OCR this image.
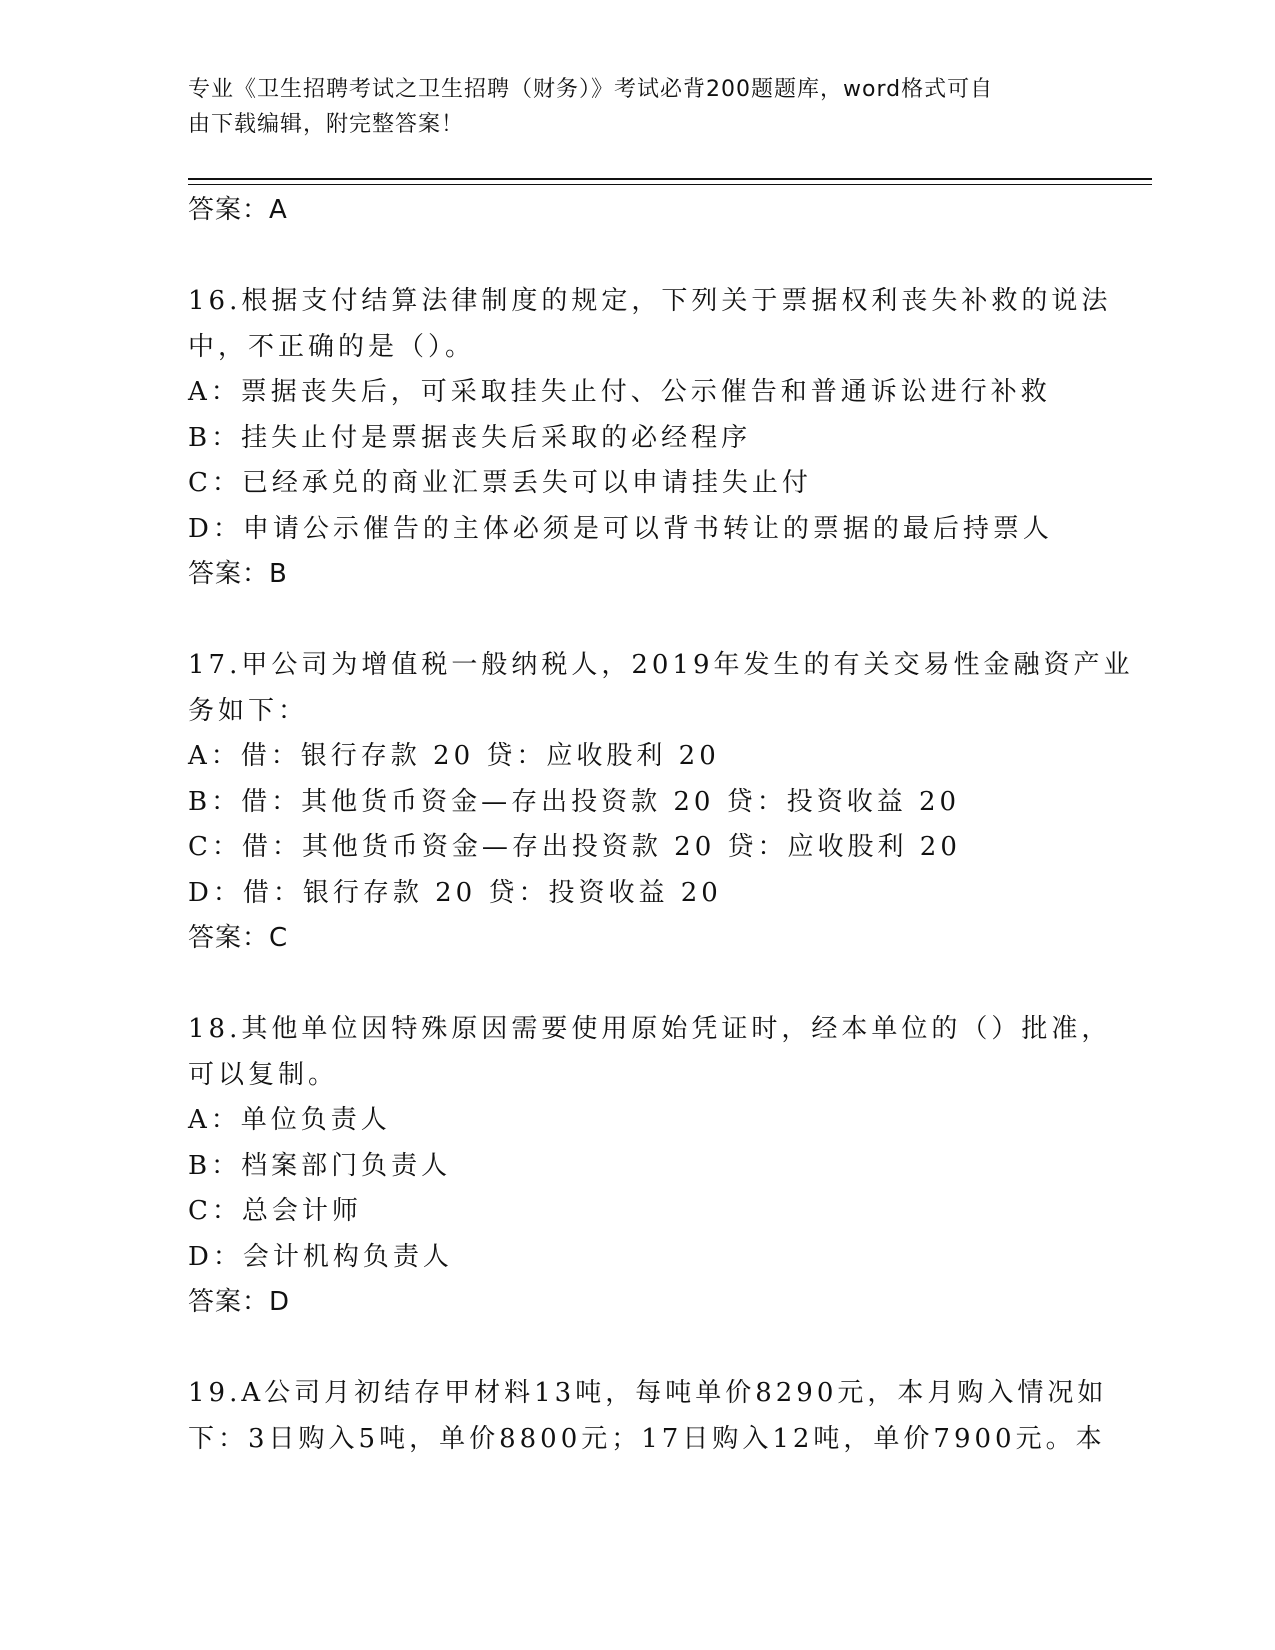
专业《卫生招聘考试之卫生招聘（财务）》考试必背200题题库，word格式可自
由下载编辑，附完整答案！
答案：A
16.根据支付结算法律制度的规定，下列关于票据权利丧失补救的说法
中，不正确的是（）。
A：票据丧失后，可采取挂失止付、公示催告和普通诉讼进行补救
B：挂失止付是票据丧失后采取的必经程序
C：已经承兑的商业汇票丢失可以申请挂失止付
D：申请公示催告的主体必须是可以背书转让的票据的最后持票人
答案：B
17.甲公司为增值税一般纳税人，2019年发生的有关交易性金融资产业
务如下：
A：借：银行存款 20 贷：应收股利 20
B：借：其他货币资金—存出投资款 20 贷：投资收益 20
C：借：其他货币资金—存出投资款 20 贷：应收股利 20
D：借：银行存款 20 贷：投资收益 20
答案：C
18.其他单位因特殊原因需要使用原始凭证时，经本单位的（）批准，
可以复制。
A：单位负责人
B：档案部门负责人
C：总会计师
D：会计机构负责人
答案：D
19.A公司月初结存甲材料13吨，每吨单价8290元，本月购入情况如
下：3日购入5吨，单价8800元；17日购入12吨，单价7900元。本
